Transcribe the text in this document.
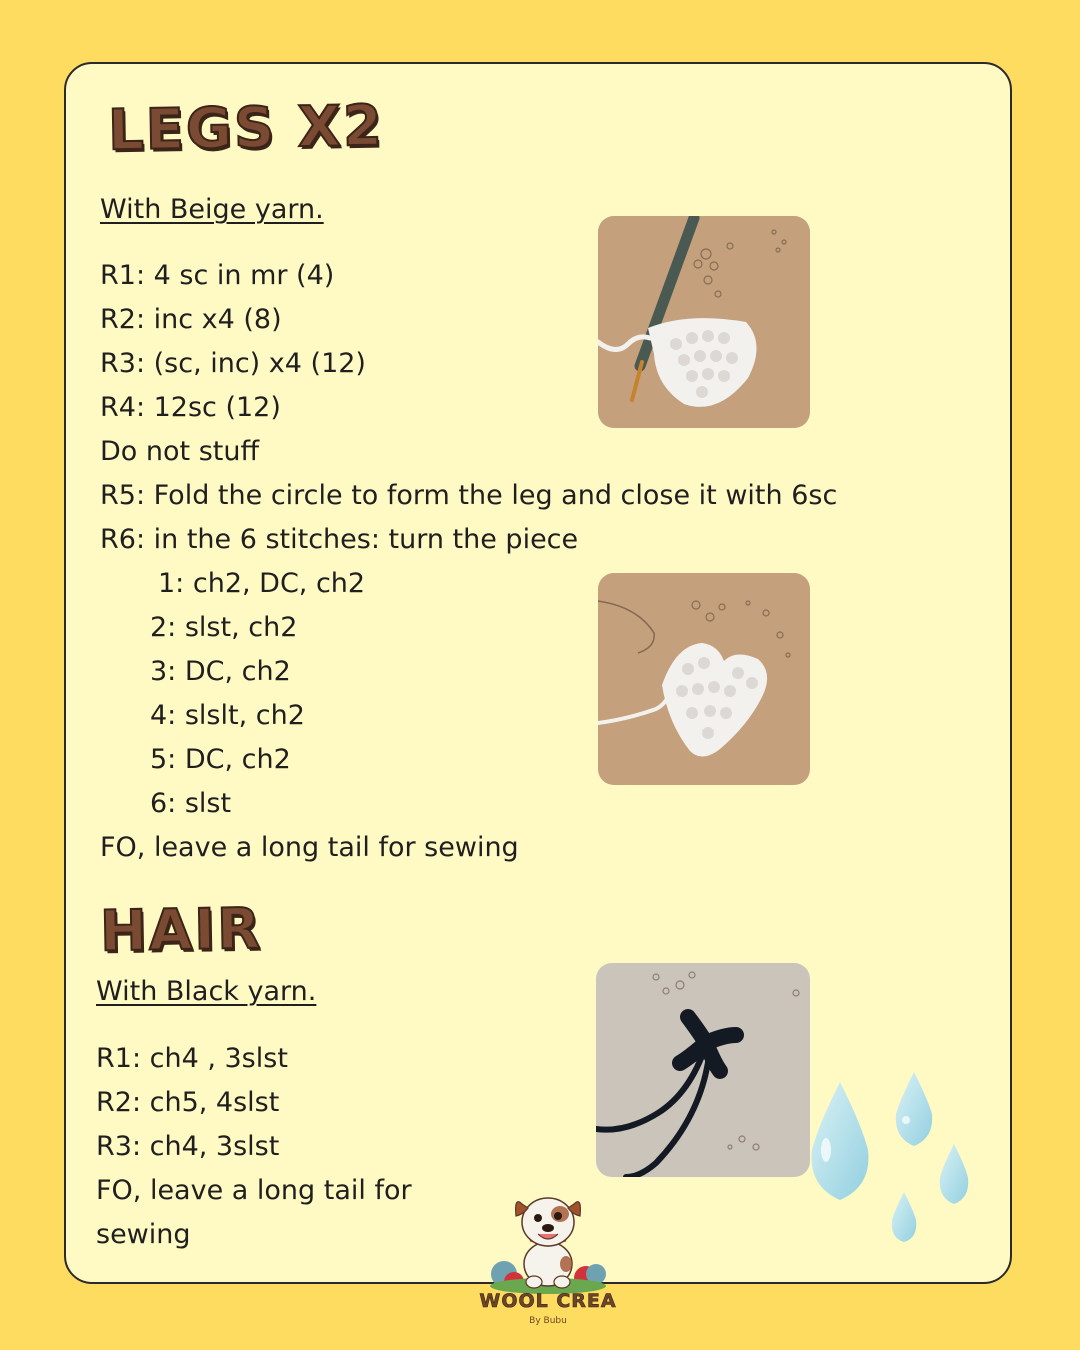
LEGS X2

With Beige yarn.

R1: 4 sc in mr (4)

R2: inc x4 (8)

R3: (sc, inc) x4 (12)

R4: 12sc (12)

Do not stuff

R5: Fold the circle to form the leg and close it with 6sc

R6: in the 6 stitches: turn the piece

1: ch2, DC, ch2

2: slst, ch2

3: DC, ch2

4: slslt, ch2

5: DC, ch2

6: slst

FO, leave a long tail for sewing

HAIR

With Black yarn.

R1: ch4 , 3slst

R2: ch5, 4slst

R3: ch4, 3slst

FO, leave a long tail for

sewing

WOOL CREA
By Bubu
